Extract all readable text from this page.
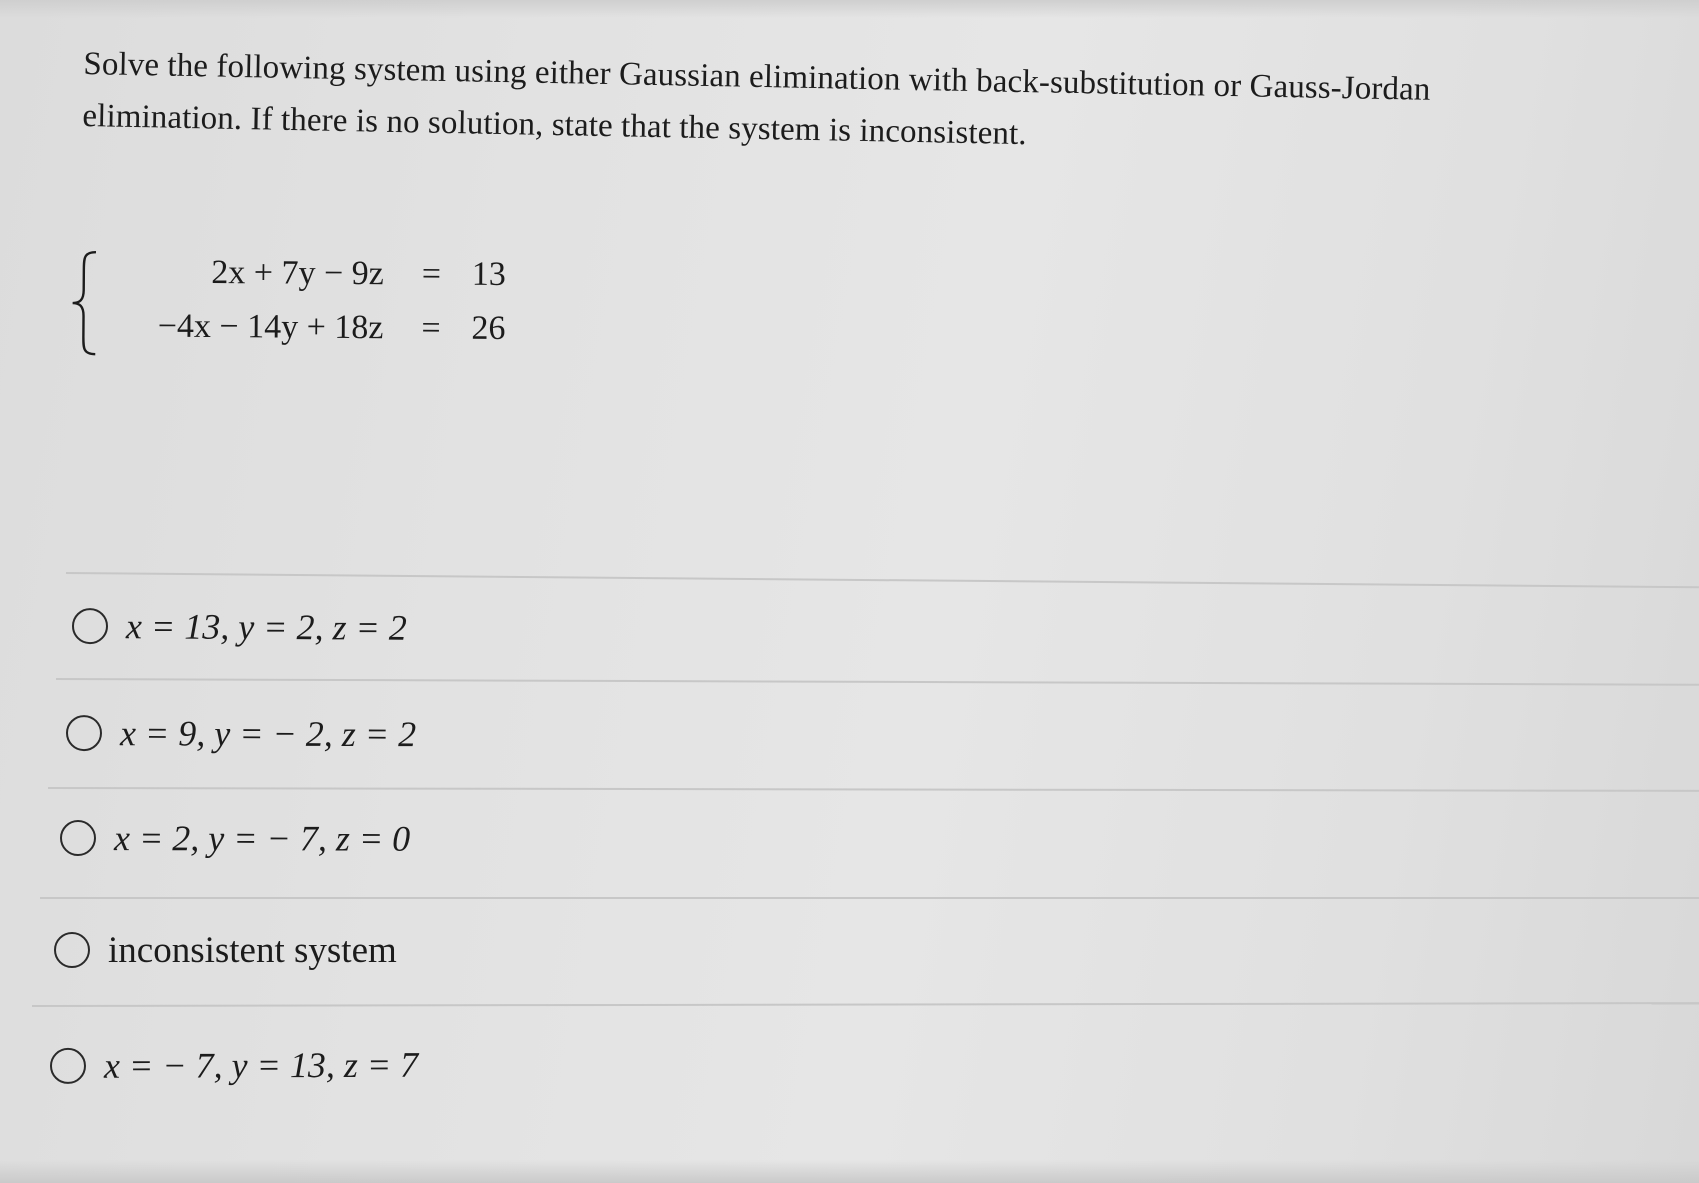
Solve the following system using either Gaussian elimination with back-substitution or Gauss-Jordan
elimination. If there is no solution, state that the system is inconsistent.
2x + 7y − 9z = 13
−4x − 14y + 18z = 26
x = 13, y = 2, z = 2
x = 9, y = − 2, z = 2
x = 2, y = − 7, z = 0
inconsistent system
x = − 7, y = 13, z = 7
